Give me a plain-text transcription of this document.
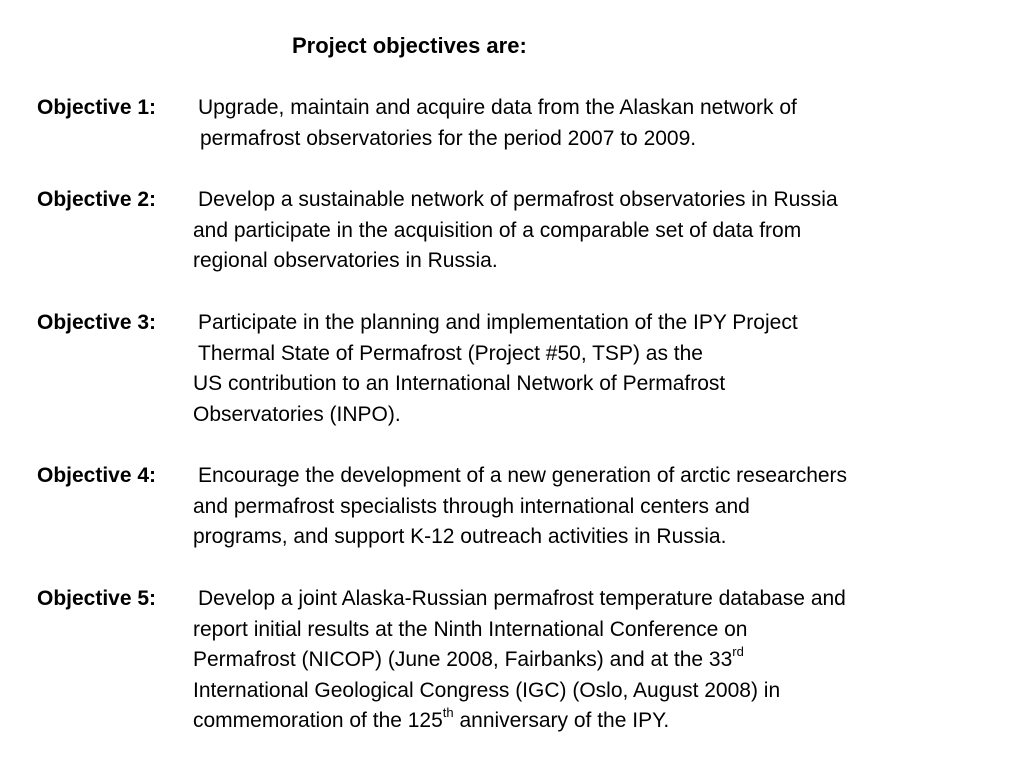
Project objectives are:
Objective 1:	Upgrade, maintain and acquire data from the Alaskan network of
permafrost observatories for the period 2007 to 2009.
Objective 2:	Develop a sustainable network of permafrost observatories in Russia
and participate in the acquisition of a comparable set of data from
regional observatories in Russia.
Objective 3:	Participate in the planning and implementation of the IPY Project
Thermal State of Permafrost (Project #50, TSP) as the
US contribution to an International Network of Permafrost
Observatories (INPO).
Objective 4:	Encourage the development of a new generation of arctic researchers
and permafrost specialists through international centers and
programs, and support K-12 outreach activities in Russia.
Objective 5:	Develop a joint Alaska-Russian permafrost temperature database and
report initial results at the Ninth International Conference on
Permafrost (NICOP) (June 2008, Fairbanks) and at the 33rd
International Geological Congress (IGC) (Oslo, August 2008) in
commemoration of the 125th anniversary of the IPY.
